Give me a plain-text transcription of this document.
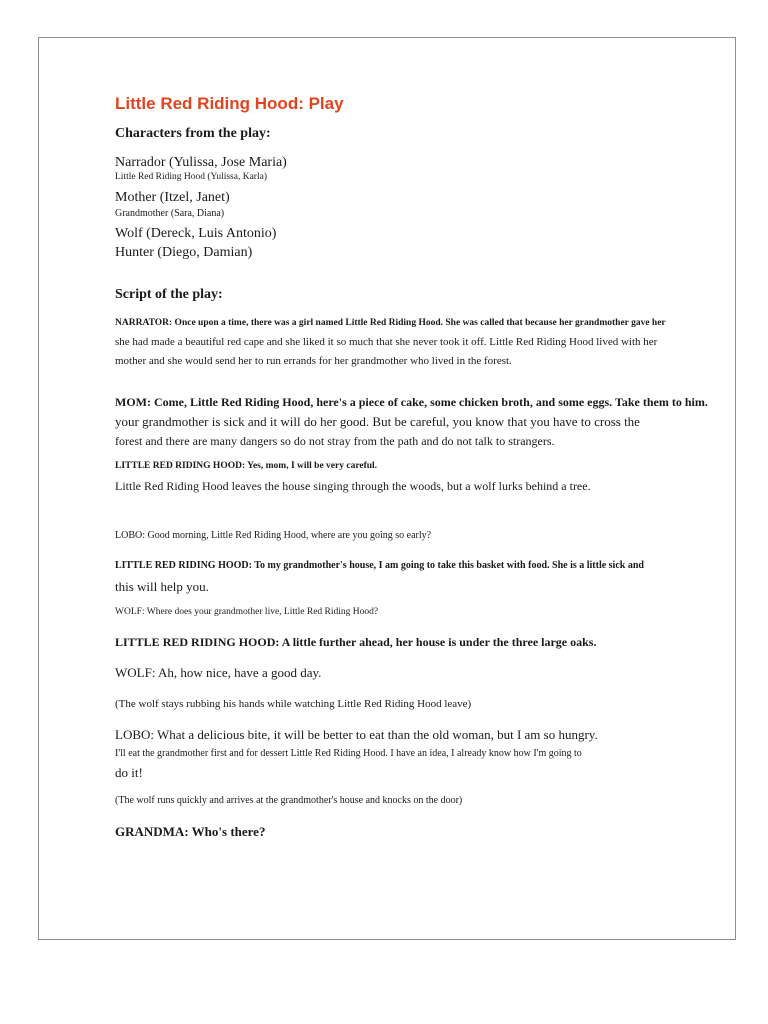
Little Red Riding Hood: Play
Characters from the play:

Narrador (Yulissa, Jose Maria)

Little Red Riding Hood (Yulissa, Karla)

Mother (Itzel, Janet)

Grandmother (Sara, Diana)

Wolf (Dereck, Luis Antonio)

Hunter (Diego, Damian)

Script of the play:

NARRATOR: Once upon a time, there was a girl named Little Red Riding Hood. She was called that because her grandmother gave her
she had made a beautiful red cape and she liked it so much that she never took it off. Little Red Riding Hood lived with her
mother and she would send her to run errands for her grandmother who lived in the forest.

MOM: Come, Little Red Riding Hood, here's a piece of cake, some chicken broth, and some eggs. Take them to him.
your grandmother is sick and it will do her good. But be careful, you know that you have to cross the
forest and there are many dangers so do not stray from the path and do not talk to strangers.

LITTLE RED RIDING HOOD: Yes, mom, I will be very careful.

Little Red Riding Hood leaves the house singing through the woods, but a wolf lurks behind a tree.

LOBO: Good morning, Little Red Riding Hood, where are you going so early?

LITTLE RED RIDING HOOD: To my grandmother's house, I am going to take this basket with food. She is a little sick and

this will help you.

WOLF: Where does your grandmother live, Little Red Riding Hood?

LITTLE RED RIDING HOOD: A little further ahead, her house is under the three large oaks.

WOLF: Ah, how nice, have a good day.

(The wolf stays rubbing his hands while watching Little Red Riding Hood leave)

LOBO: What a delicious bite, it will be better to eat than the old woman, but I am so hungry.
I'll eat the grandmother first and for dessert Little Red Riding Hood. I have an idea, I already know how I'm going to
do it!

(The wolf runs quickly and arrives at the grandmother's house and knocks on the door)

GRANDMA: Who's there?
